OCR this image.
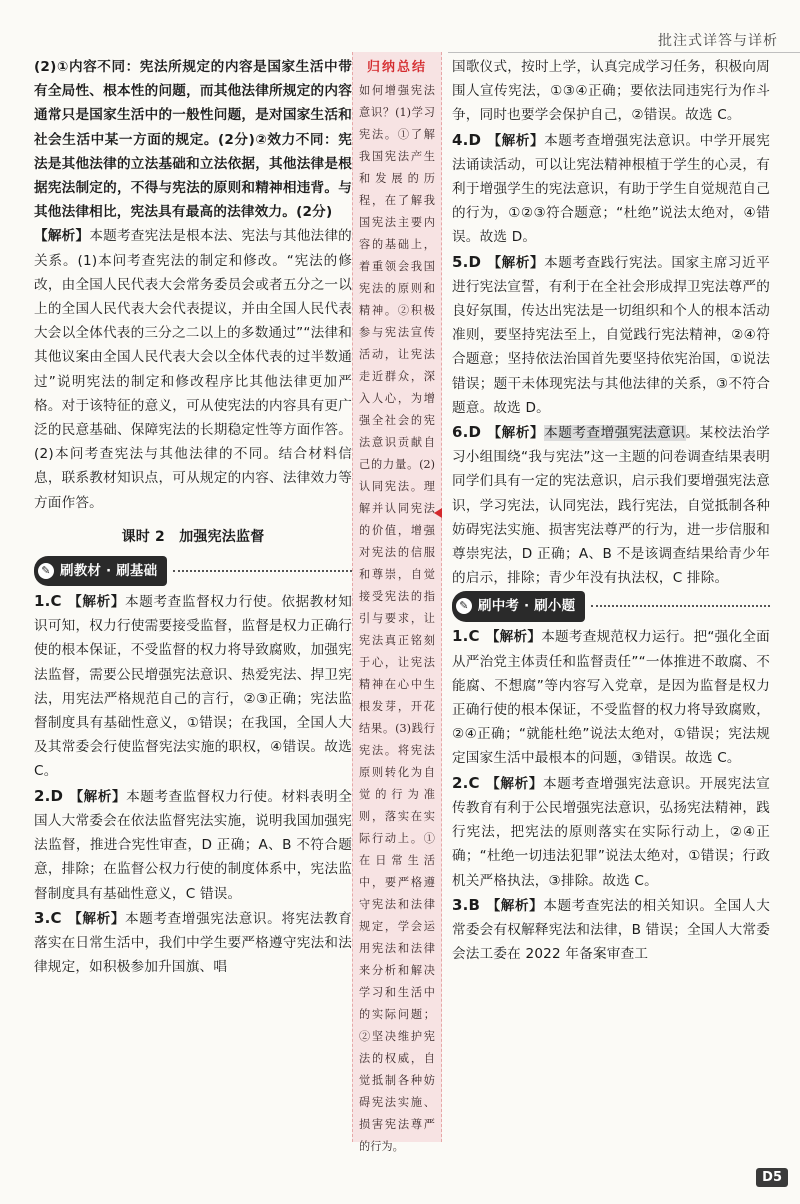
批注式详答与详析

(2)①内容不同：宪法所规定的内容是国家生活中带有全局性、根本性的问题，而其他法律所规定的内容通常只是国家生活中的一般性问题，是对国家生活和社会生活中某一方面的规定。(2分)②效力不同：宪法是其他法律的立法基础和立法依据，其他法律是根据宪法制定的，不得与宪法的原则和精神相违背。与其他法律相比，宪法具有最高的法律效力。(2分)

【解析】本题考查宪法是根本法、宪法与其他法律的关系。(1)本问考查宪法的制定和修改。“宪法的修改，由全国人民代表大会常务委员会或者五分之一以上的全国人民代表大会代表提议，并由全国人民代表大会以全体代表的三分之二以上的多数通过”“法律和其他议案由全国人民代表大会以全体代表的过半数通过”说明宪法的制定和修改程序比其他法律更加严格。对于该特征的意义，可从使宪法的内容具有更广泛的民意基础、保障宪法的长期稳定性等方面作答。(2)本问考查宪法与其他法律的不同。结合材料信息，联系教材知识点，可从规定的内容、法律效力等方面作答。

课时 2　加强宪法监督
✎ 刷教材 · 刷基础

1.C 【解析】本题考查监督权力行使。依据教材知识可知，权力行使需要接受监督，监督是权力正确行使的根本保证，不受监督的权力将导致腐败，加强宪法监督，需要公民增强宪法意识、热爱宪法、捍卫宪法，用宪法严格规范自己的言行，②③正确；宪法监督制度具有基础性意义，①错误；在我国，全国人大及其常委会行使监督宪法实施的职权，④错误。故选 C。

2.D 【解析】本题考查监督权力行使。材料表明全国人大常委会在依法监督宪法实施，说明我国加强宪法监督，推进合宪性审查，D 正确；A、B 不符合题意，排除；在监督公权力行使的制度体系中，宪法监督制度具有基础性意义，C 错误。

3.C 【解析】本题考查增强宪法意识。将宪法教育落实在日常生活中，我们中学生要严格遵守宪法和法律规定，如积极参加升国旗、唱

归纳总结

如何增强宪法意识？(1)学习宪法。①了解我国宪法产生和发展的历程，在了解我国宪法主要内容的基础上，着重领会我国宪法的原则和精神。②积极参与宪法宣传活动，让宪法走近群众，深入人心，为增强全社会的宪法意识贡献自己的力量。(2)认同宪法。理解并认同宪法的价值，增强对宪法的信服和尊崇，自觉接受宪法的指引与要求，让宪法真正铭刻于心，让宪法精神在心中生根发芽，开花结果。(3)践行宪法。将宪法原则转化为自觉的行为准则，落实在实际行动上。①在日常生活中，要严格遵守宪法和法律规定，学会运用宪法和法律来分析和解决学习和生活中的实际问题；②坚决维护宪法的权威，自觉抵制各种妨碍宪法实施、损害宪法尊严的行为。

国歌仪式，按时上学，认真完成学习任务，积极向周围人宣传宪法，①③④正确；要依法同违宪行为作斗争，同时也要学会保护自己，②错误。故选 C。

4.D 【解析】本题考查增强宪法意识。中学开展宪法诵读活动，可以让宪法精神根植于学生的心灵，有利于增强学生的宪法意识，有助于学生自觉规范自己的行为，①②③符合题意；“杜绝”说法太绝对，④错误。故选 D。

5.D 【解析】本题考查践行宪法。国家主席习近平进行宪法宣誓，有利于在全社会形成捍卫宪法尊严的良好氛围，传达出宪法是一切组织和个人的根本活动准则，要坚持宪法至上，自觉践行宪法精神，②④符合题意；坚持依法治国首先要坚持依宪治国，①说法错误；题干未体现宪法与其他法律的关系，③不符合题意。故选 D。

6.D 【解析】本题考查增强宪法意识。某校法治学习小组围绕“我与宪法”这一主题的问卷调查结果表明同学们具有一定的宪法意识，启示我们要增强宪法意识，学习宪法，认同宪法，践行宪法，自觉抵制各种妨碍宪法实施、损害宪法尊严的行为，进一步信服和尊崇宪法，D 正确；A、B 不是该调查结果给青少年的启示，排除；青少年没有执法权，C 排除。

✎ 刷中考 · 刷小题

1.C 【解析】本题考查规范权力运行。把“强化全面从严治党主体责任和监督责任”“一体推进不敢腐、不能腐、不想腐”等内容写入党章，是因为监督是权力正确行使的根本保证，不受监督的权力将导致腐败，②④正确；“就能杜绝”说法太绝对，①错误；宪法规定国家生活中最根本的问题，③错误。故选 C。

2.C 【解析】本题考查增强宪法意识。开展宪法宣传教育有利于公民增强宪法意识，弘扬宪法精神，践行宪法，把宪法的原则落实在实际行动上，②④正确；“杜绝一切违法犯罪”说法太绝对，①错误；行政机关严格执法，③排除。故选 C。

3.B 【解析】本题考查宪法的相关知识。全国人大常委会有权解释宪法和法律，B 错误；全国人大常委会法工委在 2022 年备案审查工

D5
